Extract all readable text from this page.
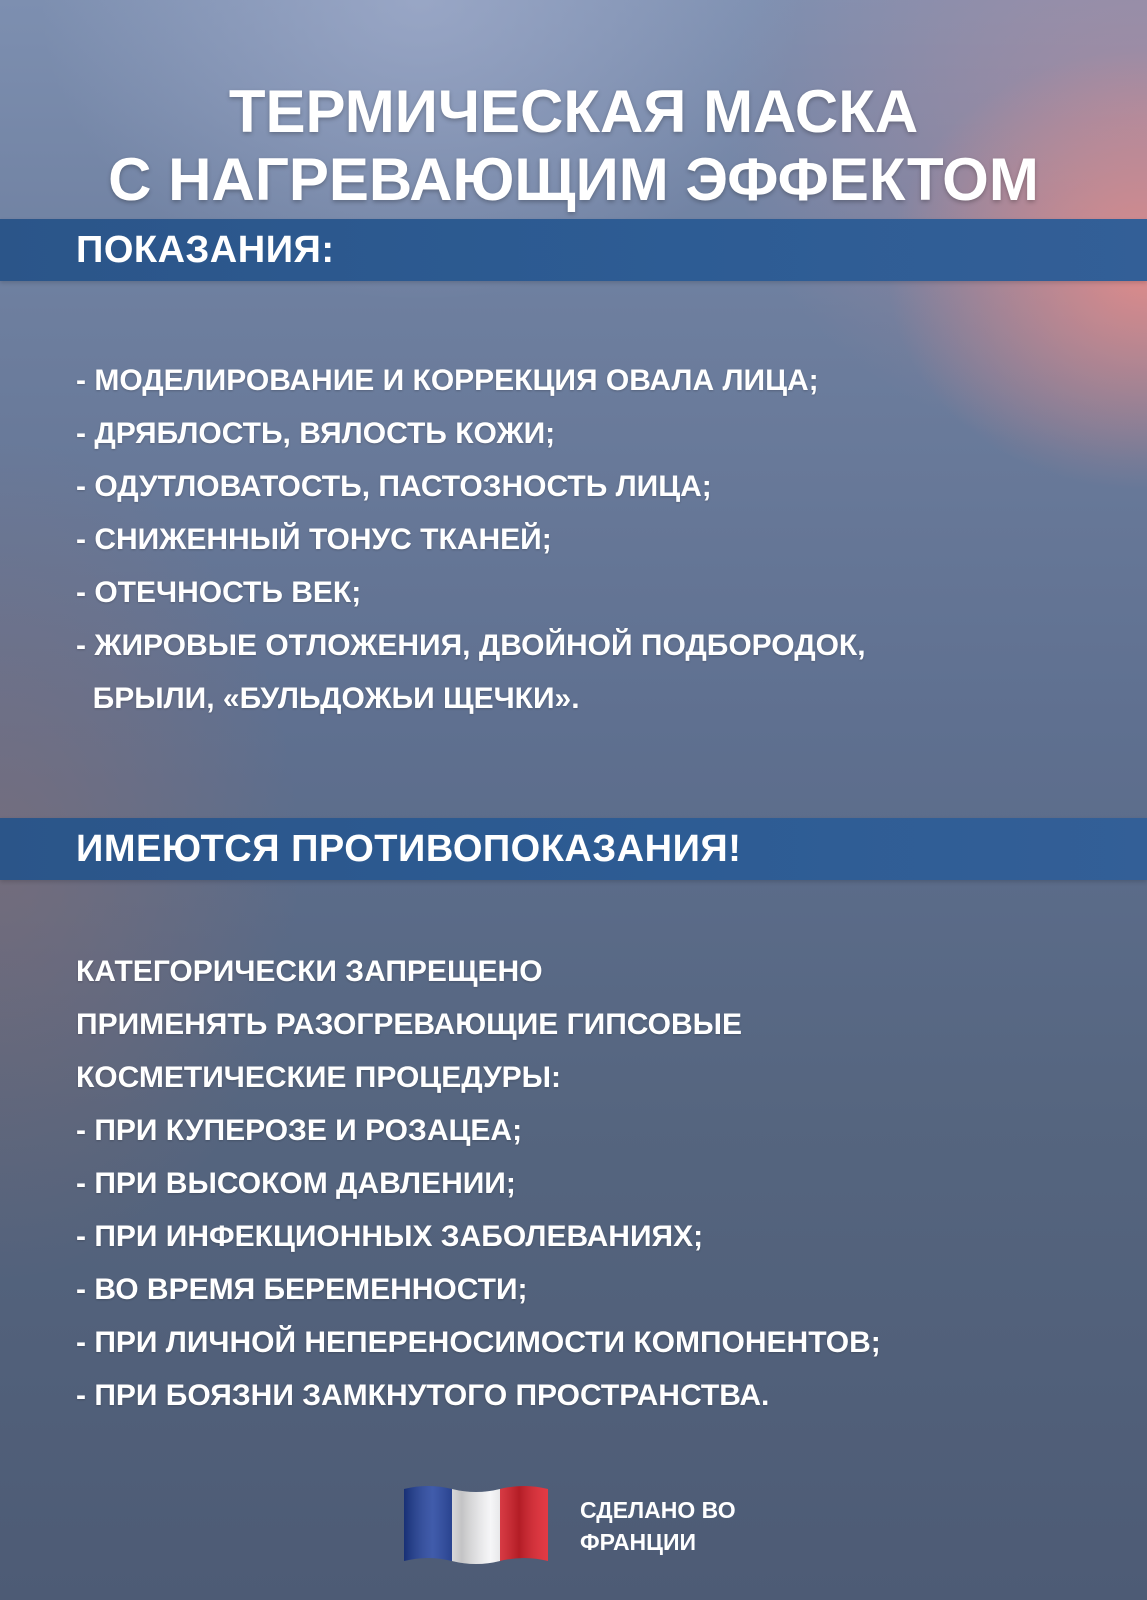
ТЕРМИЧЕСКАЯ МАСКА
С НАГРЕВАЮЩИМ ЭФФЕКТОМ
ПОКАЗАНИЯ:
- МОДЕЛИРОВАНИЕ И КОРРЕКЦИЯ ОВАЛА ЛИЦА;
- ДРЯБЛОСТЬ, ВЯЛОСТЬ КОЖИ;
- ОДУТЛОВАТОСТЬ, ПАСТОЗНОСТЬ ЛИЦА;
- СНИЖЕННЫЙ ТОНУС ТКАНЕЙ;
- ОТЕЧНОСТЬ ВЕК;
- ЖИРОВЫЕ ОТЛОЖЕНИЯ, ДВОЙНОЙ ПОДБОРОДОК,
БРЫЛИ, «БУЛЬДОЖЬИ ЩЕЧКИ».
ИМЕЮТСЯ ПРОТИВОПОКАЗАНИЯ!
КАТЕГОРИЧЕСКИ ЗАПРЕЩЕНО
ПРИМЕНЯТЬ РАЗОГРЕВАЮЩИЕ ГИПСОВЫЕ
КОСМЕТИЧЕСКИЕ ПРОЦЕДУРЫ:
- ПРИ КУПЕРОЗЕ И РОЗАЦЕА;
- ПРИ ВЫСОКОМ ДАВЛЕНИИ;
- ПРИ ИНФЕКЦИОННЫХ ЗАБОЛЕВАНИЯХ;
- ВО ВРЕМЯ БЕРЕМЕННОСТИ;
- ПРИ ЛИЧНОЙ НЕПЕРЕНОСИМОСТИ КОМПОНЕНТОВ;
- ПРИ БОЯЗНИ ЗАМКНУТОГО ПРОСТРАНСТВА.
СДЕЛАНО ВО
ФРАНЦИИ
